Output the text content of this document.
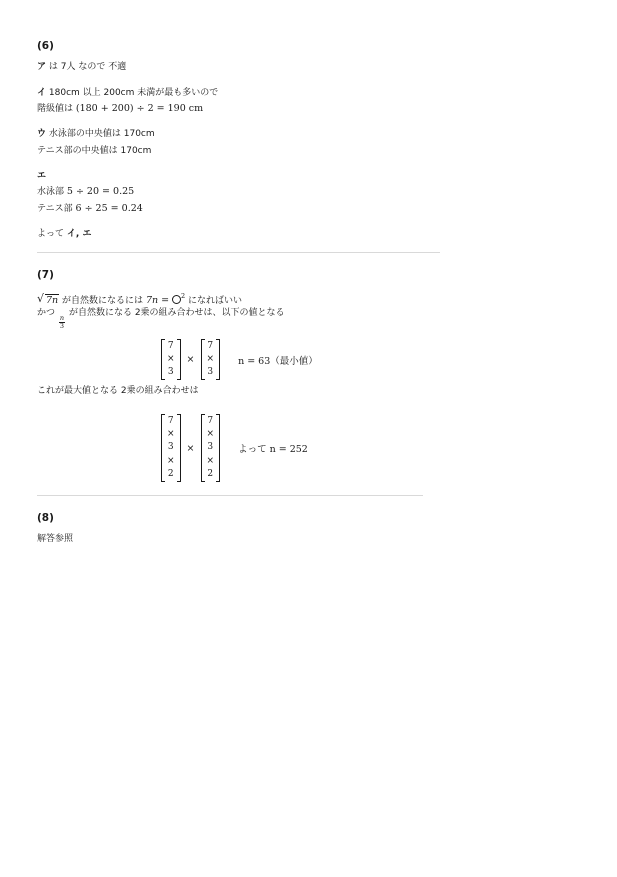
(6)
ア は 7人 なので 不適
イ 180cm 以上 200cm 未満が最も多いので
階級値は (180 + 200) ÷ 2 = 190 cm
ウ 水泳部の中央値は 170cm
テニス部の中央値は 170cm
エ
水泳部 5 ÷ 20 = 0.25
テニス部 6 ÷ 25 = 0.24
よって イ, エ
(7)
√ 7n が自然数になるには 7n = $^2$ になればいい
かつ
$\frac{n}{3}$
が自然数になる 2乗の組み合わせは、以下の値となる
7
×
3
×
7
×
3
n = 63（最小値）
これが最大値となる 2乗の組み合わせは
7
×
3
×
2
×
7
×
3
×
2
よって n = 252
(8)
解答参照
